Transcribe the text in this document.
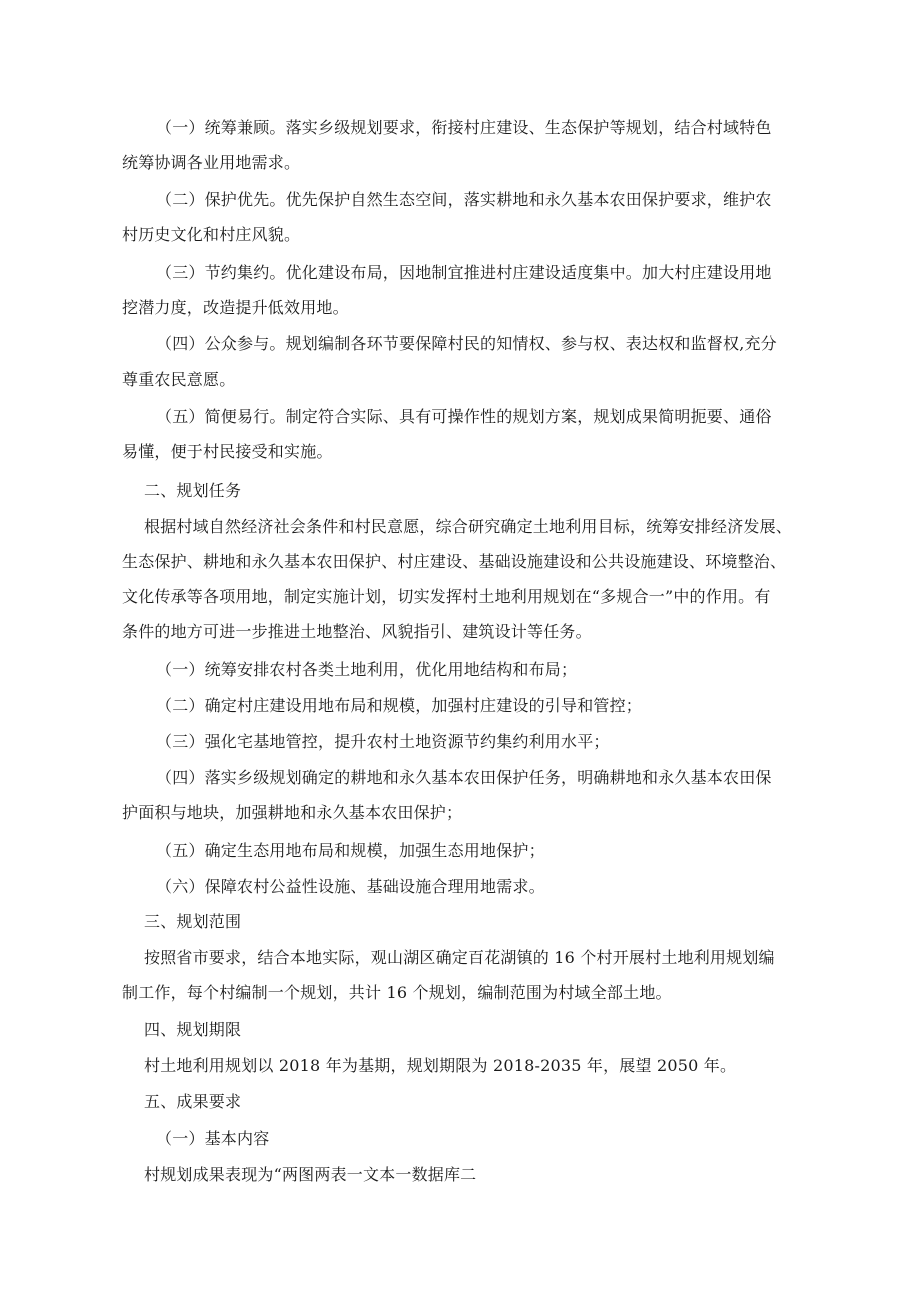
（一）统筹兼顾。落实乡级规划要求，衔接村庄建设、生态保护等规划，结合村域特色
统筹协调各业用地需求。
（二）保护优先。优先保护自然生态空间，落实耕地和永久基本农田保护要求，维护农
村历史文化和村庄风貌。
（三）节约集约。优化建设布局，因地制宜推进村庄建设适度集中。加大村庄建设用地
挖潜力度，改造提升低效用地。
（四）公众参与。规划编制各环节要保障村民的知情权、参与权、表达权和监督权,充分
尊重农民意愿。
（五）简便易行。制定符合实际、具有可操作性的规划方案，规划成果简明扼要、通俗
易懂，便于村民接受和实施。
二、规划任务
根据村域自然经济社会条件和村民意愿，综合研究确定土地利用目标，统筹安排经济发展、
生态保护、耕地和永久基本农田保护、村庄建设、基础设施建设和公共设施建设、环境整治、
文化传承等各项用地，制定实施计划，切实发挥村土地利用规划在“多规合一”中的作用。有
条件的地方可进一步推进土地整治、风貌指引、建筑设计等任务。
（一）统筹安排农村各类土地利用，优化用地结构和布局；
（二）确定村庄建设用地布局和规模，加强村庄建设的引导和管控；
（三）强化宅基地管控，提升农村土地资源节约集约利用水平；
（四）落实乡级规划确定的耕地和永久基本农田保护任务，明确耕地和永久基本农田保
护面积与地块，加强耕地和永久基本农田保护；
（五）确定生态用地布局和规模，加强生态用地保护；
（六）保障农村公益性设施、基础设施合理用地需求。
三、规划范围
按照省市要求，结合本地实际，观山湖区确定百花湖镇的 16 个村开展村土地利用规划编
制工作，每个村编制一个规划，共计 16 个规划，编制范围为村域全部土地。
四、规划期限
村土地利用规划以 2018 年为基期，规划期限为 2018-2035 年，展望 2050 年。
五、成果要求
（一）基本内容
村规划成果表现为“两图两表一文本一数据库二
